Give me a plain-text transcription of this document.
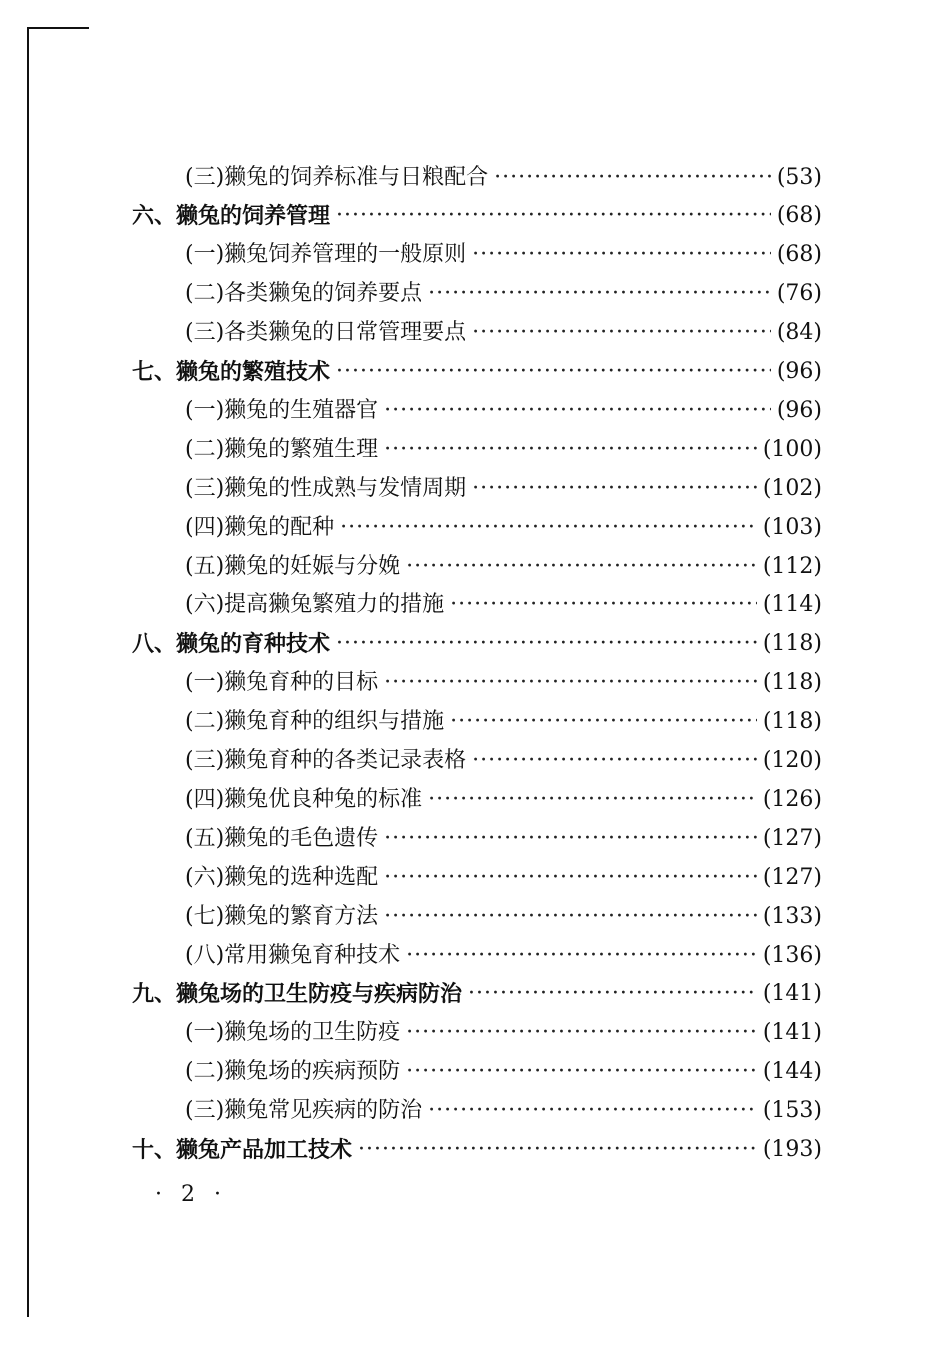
(三)獭兔的饲养标准与日粮配合 ·····	(53)
六、獭兔的饲养管理 ·····	(68)
(一)獭兔饲养管理的一般原则 ·····	(68)
(二)各类獭兔的饲养要点 ·····	(76)
(三)各类獭兔的日常管理要点 ·····	(84)
七、獭兔的繁殖技术 ·····	(96)
(一)獭兔的生殖器官 ·····	(96)
(二)獭兔的繁殖生理 ·····	(100)
(三)獭兔的性成熟与发情周期 ·····	(102)
(四)獭兔的配种 ·····	(103)
(五)獭兔的妊娠与分娩 ·····	(112)
(六)提高獭兔繁殖力的措施 ·····	(114)
八、獭兔的育种技术 ·····	(118)
(一)獭兔育种的目标 ·····	(118)
(二)獭兔育种的组织与措施 ·····	(118)
(三)獭兔育种的各类记录表格 ·····	(120)
(四)獭兔优良种兔的标准 ·····	(126)
(五)獭兔的毛色遗传 ·····	(127)
(六)獭兔的选种选配 ·····	(127)
(七)獭兔的繁育方法 ·····	(133)
(八)常用獭兔育种技术 ·····	(136)
九、獭兔场的卫生防疫与疾病防治 ·····	(141)
(一)獭兔场的卫生防疫 ·····	(141)
(二)獭兔场的疾病预防 ·····	(144)
(三)獭兔常见疾病的防治 ·····	(153)
十、獭兔产品加工技术 ·····	(193)
· 2 ·
